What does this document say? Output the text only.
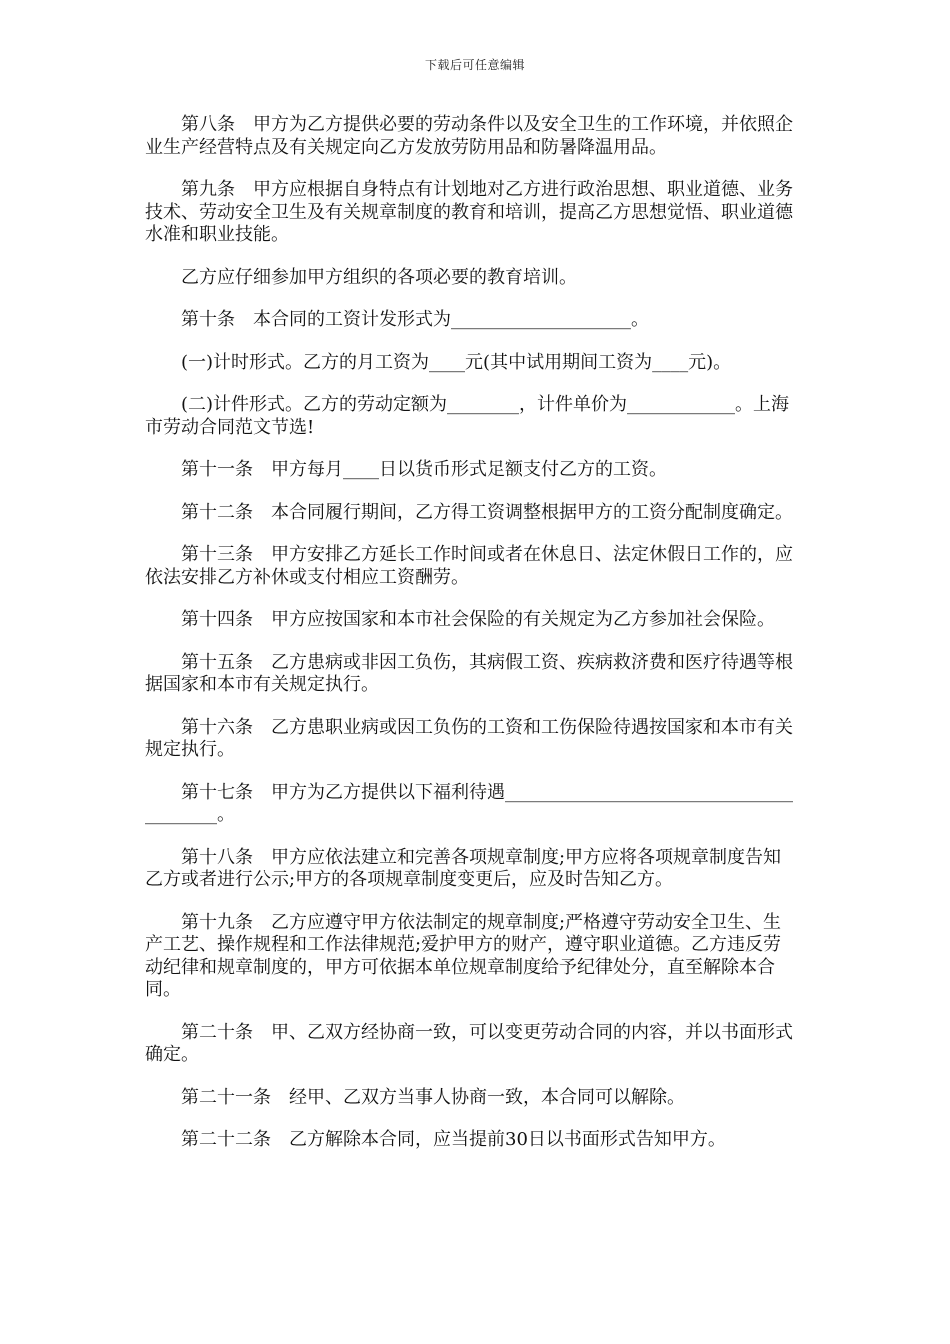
下载后可任意编辑

第八条　甲方为乙方提供必要的劳动条件以及安全卫生的工作环境，并依照企业生产经营特点及有关规定向乙方发放劳防用品和防暑降温用品。

第九条　甲方应根据自身特点有计划地对乙方进行政治思想、职业道德、业务技术、劳动安全卫生及有关规章制度的教育和培训，提高乙方思想觉悟、职业道德水准和职业技能。

乙方应仔细参加甲方组织的各项必要的教育培训。

第十条　本合同的工资计发形式为____________________。

(一)计时形式。乙方的月工资为____元(其中试用期间工资为____元)。

(二)计件形式。乙方的劳动定额为________，计件单价为____________。上海市劳动合同范文节选!

第十一条　甲方每月____日以货币形式足额支付乙方的工资。

第十二条　本合同履行期间，乙方得工资调整根据甲方的工资分配制度确定。

第十三条　甲方安排乙方延长工作时间或者在休息日、法定休假日工作的，应依法安排乙方补休或支付相应工资酬劳。

第十四条　甲方应按国家和本市社会保险的有关规定为乙方参加社会保险。

第十五条　乙方患病或非因工负伤，其病假工资、疾病救济费和医疗待遇等根据国家和本市有关规定执行。

第十六条　乙方患职业病或因工负伤的工资和工伤保险待遇按国家和本市有关规定执行。

第十七条　甲方为乙方提供以下福利待遇________________________________________。

第十八条　甲方应依法建立和完善各项规章制度;甲方应将各项规章制度告知乙方或者进行公示;甲方的各项规章制度变更后，应及时告知乙方。

第十九条　乙方应遵守甲方依法制定的规章制度;严格遵守劳动安全卫生、生产工艺、操作规程和工作法律规范;爱护甲方的财产，遵守职业道德。乙方违反劳动纪律和规章制度的，甲方可依据本单位规章制度给予纪律处分，直至解除本合同。

第二十条　甲、乙双方经协商一致，可以变更劳动合同的内容，并以书面形式确定。

第二十一条　经甲、乙双方当事人协商一致，本合同可以解除。

第二十二条　乙方解除本合同，应当提前30日以书面形式告知甲方。
